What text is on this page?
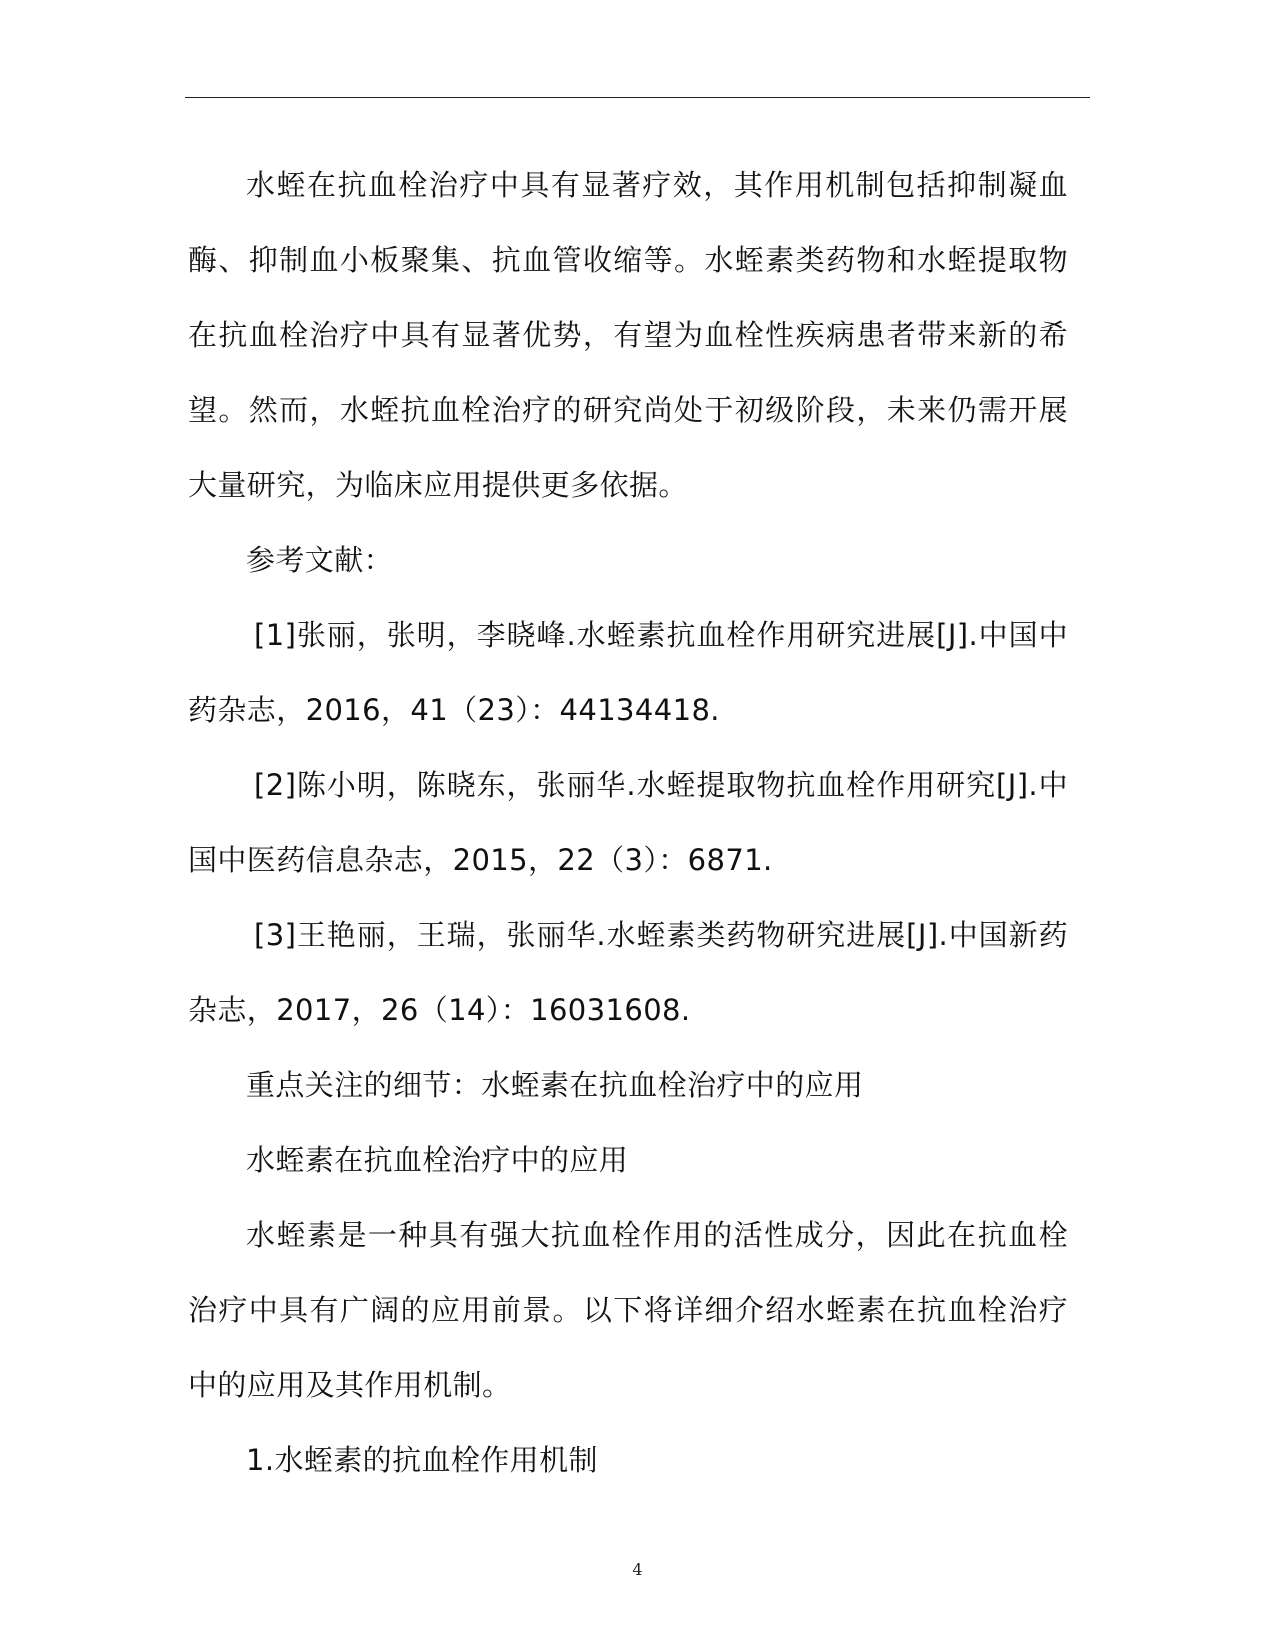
水蛭在抗血栓治疗中具有显著疗效，其作用机制包括抑制凝血酶、抑制血小板聚集、抗血管收缩等。水蛭素类药物和水蛭提取物在抗血栓治疗中具有显著优势，有望为血栓性疾病患者带来新的希望。然而，水蛭抗血栓治疗的研究尚处于初级阶段，未来仍需开展大量研究，为临床应用提供更多依据。

参考文献：

[1]张丽，张明，李晓峰.水蛭素抗血栓作用研究进展[J].中国中药杂志，2016，41（23）：44134418.

[2]陈小明，陈晓东，张丽华.水蛭提取物抗血栓作用研究[J].中国中医药信息杂志，2015，22（3）：6871.

[3]王艳丽，王瑞，张丽华.水蛭素类药物研究进展[J].中国新药杂志，2017，26（14）：16031608.

重点关注的细节：水蛭素在抗血栓治疗中的应用

水蛭素在抗血栓治疗中的应用

水蛭素是一种具有强大抗血栓作用的活性成分，因此在抗血栓治疗中具有广阔的应用前景。以下将详细介绍水蛭素在抗血栓治疗中的应用及其作用机制。

1.水蛭素的抗血栓作用机制

4
